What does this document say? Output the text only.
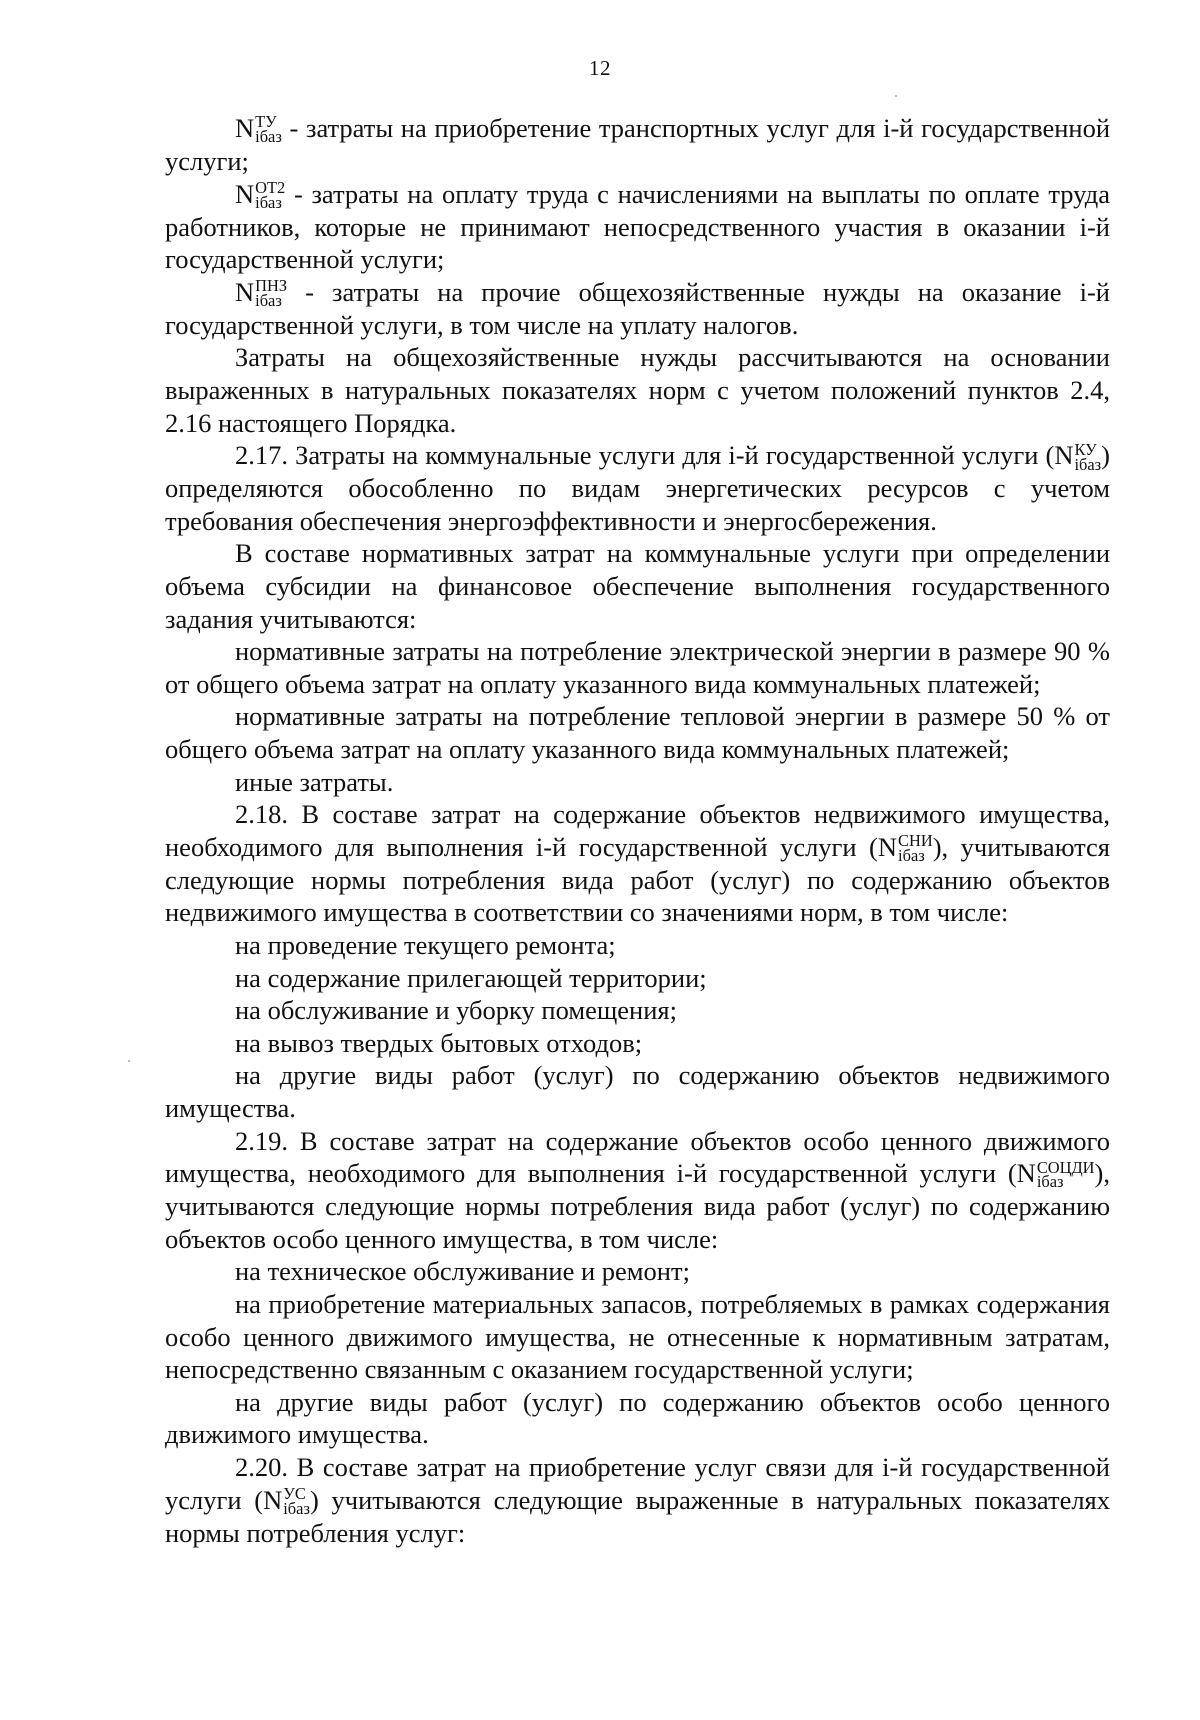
12

N ТУ
iбаз - затраты на приобретение транспортных услуг для i-й государственной услуги;

N ОТ2
iбаз - затраты на оплату труда с начислениями на выплаты по оплате труда работников, которые не принимают непосредственного участия в оказании i-й государственной услуги;

N ПНЗ
iбаз - затраты на прочие общехозяйственные нужды на оказание i-й государственной услуги, в том числе на уплату налогов.

Затраты на общехозяйственные нужды рассчитываются на основании выраженных в натуральных показателях норм с учетом положений пунктов 2.4, 2.16 настоящего Порядка.

2.17. Затраты на коммунальные услуги для i-й государственной услуги (N КУ
iбаз ) определяются обособленно по видам энергетических ресурсов с учетом требования обеспечения энергоэффективности и энергосбережения.

В составе нормативных затрат на коммунальные услуги при определении объема субсидии на финансовое обеспечение выполнения государственного задания учитываются:

нормативные затраты на потребление электрической энергии в размере 90 % от общего объема затрат на оплату указанного вида коммунальных платежей;

нормативные затраты на потребление тепловой энергии в размере 50 % от общего объема затрат на оплату указанного вида коммунальных платежей;

иные затраты.

2.18. В составе затрат на содержание объектов недвижимого имущества, необходимого для выполнения i-й государственной услуги (N СНИ
iбаз ), учитываются следующие нормы потребления вида работ (услуг) по содержанию объектов недвижимого имущества в соответствии со значениями норм, в том числе:

на проведение текущего ремонта;

на содержание прилегающей территории;

на обслуживание и уборку помещения;

на вывоз твердых бытовых отходов;

на другие виды работ (услуг) по содержанию объектов недвижимого имущества.

2.19. В составе затрат на содержание объектов особо ценного движимого имущества, необходимого для выполнения i-й государственной услуги (N СОЦДИ
iбаз	), учитываются следующие нормы потребления вида работ (услуг) по содержанию объектов особо ценного имущества, в том числе:

на техническое обслуживание и ремонт;

на приобретение материальных запасов, потребляемых в рамках содержания особо ценного движимого имущества, не отнесенные к нормативным затратам, непосредственно связанным с оказанием государственной услуги;

на другие виды работ (услуг) по содержанию объектов особо ценного движимого имущества.

2.20. В составе затрат на приобретение услуг связи для i-й государственной услуги (N УС
iбаз ) учитываются следующие выраженные в натуральных показателях нормы потребления услуг:
